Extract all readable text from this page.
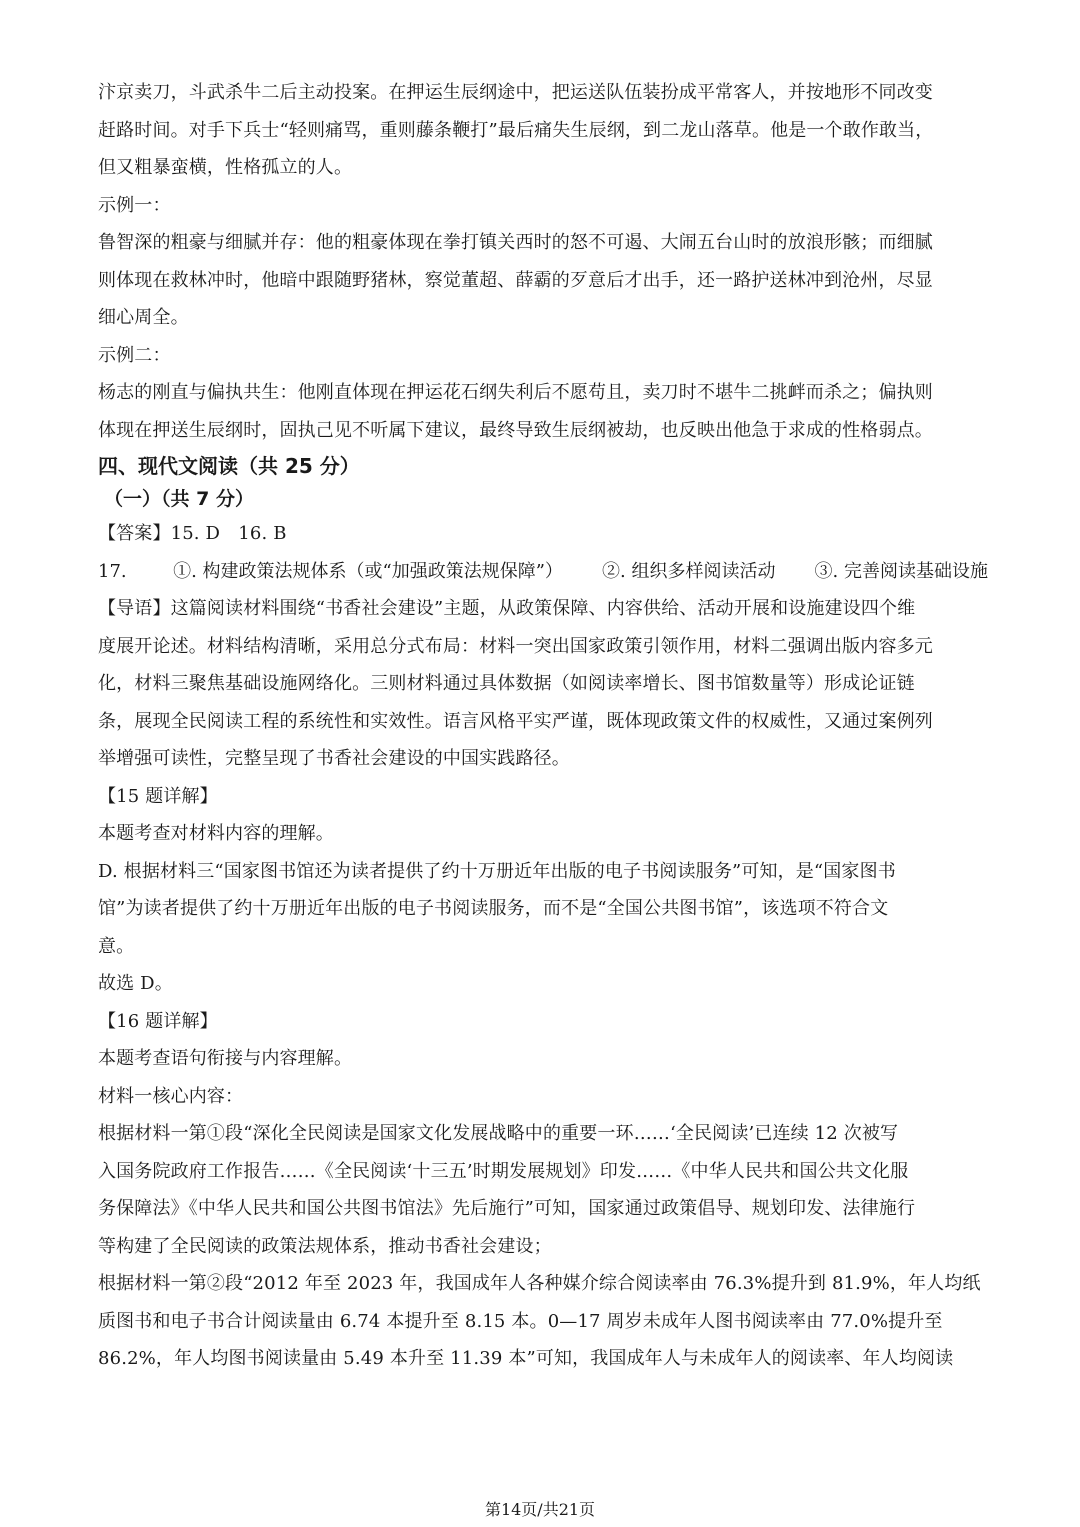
汴京卖刀，斗武杀牛二后主动投案。在押运生辰纲途中，把运送队伍装扮成平常客人，并按地形不同改变
赶路时间。对手下兵士“轻则痛骂，重则藤条鞭打”最后痛失生辰纲，到二龙山落草。他是一个敢作敢当，
但又粗暴蛮横，性格孤立的人。
示例一：
鲁智深的粗豪与细腻并存：他的粗豪体现在拳打镇关西时的怒不可遏、大闹五台山时的放浪形骸；而细腻
则体现在救林冲时，他暗中跟随野猪林，察觉董超、薛霸的歹意后才出手，还一路护送林冲到沧州，尽显
细心周全。
示例二：
杨志的刚直与偏执共生：他刚直体现在押运花石纲失利后不愿苟且，卖刀时不堪牛二挑衅而杀之；偏执则
体现在押送生辰纲时，固执己见不听属下建议，最终导致生辰纲被劫，也反映出他急于求成的性格弱点。
四、现代文阅读（共 25 分）
（一）（共 7 分）
【答案】15. D　16. B
17.	①. 构建政策法规体系（或“加强政策法规保障”） ②. 组织多样阅读活动 ③. 完善阅读基础设施
【导语】这篇阅读材料围绕“书香社会建设”主题，从政策保障、内容供给、活动开展和设施建设四个维
度展开论述。材料结构清晰，采用总分式布局：材料一突出国家政策引领作用，材料二强调出版内容多元
化，材料三聚焦基础设施网络化。三则材料通过具体数据（如阅读率增长、图书馆数量等）形成论证链
条，展现全民阅读工程的系统性和实效性。语言风格平实严谨，既体现政策文件的权威性，又通过案例列
举增强可读性，完整呈现了书香社会建设的中国实践路径。
【15 题详解】
本题考查对材料内容的理解。
D. 根据材料三“国家图书馆还为读者提供了约十万册近年出版的电子书阅读服务”可知，是“国家图书
馆”为读者提供了约十万册近年出版的电子书阅读服务，而不是“全国公共图书馆”，该选项不符合文
意。
故选 D。
【16 题详解】
本题考查语句衔接与内容理解。
材料一核心内容：
根据材料一第①段“深化全民阅读是国家文化发展战略中的重要一环……‘全民阅读’已连续 12 次被写
入国务院政府工作报告……《全民阅读‘十三五’时期发展规划》印发……《中华人民共和国公共文化服
务保障法》《中华人民共和国公共图书馆法》先后施行”可知，国家通过政策倡导、规划印发、法律施行
等构建了全民阅读的政策法规体系，推动书香社会建设；
根据材料一第②段“2012 年至 2023 年，我国成年人各种媒介综合阅读率由 76.3%提升到 81.9%，年人均纸
质图书和电子书合计阅读量由 6.74 本提升至 8.15 本。0—17 周岁未成年人图书阅读率由 77.0%提升至
86.2%，年人均图书阅读量由 5.49 本升至 11.39 本”可知，我国成年人与未成年人的阅读率、年人均阅读
第14页/共21页
